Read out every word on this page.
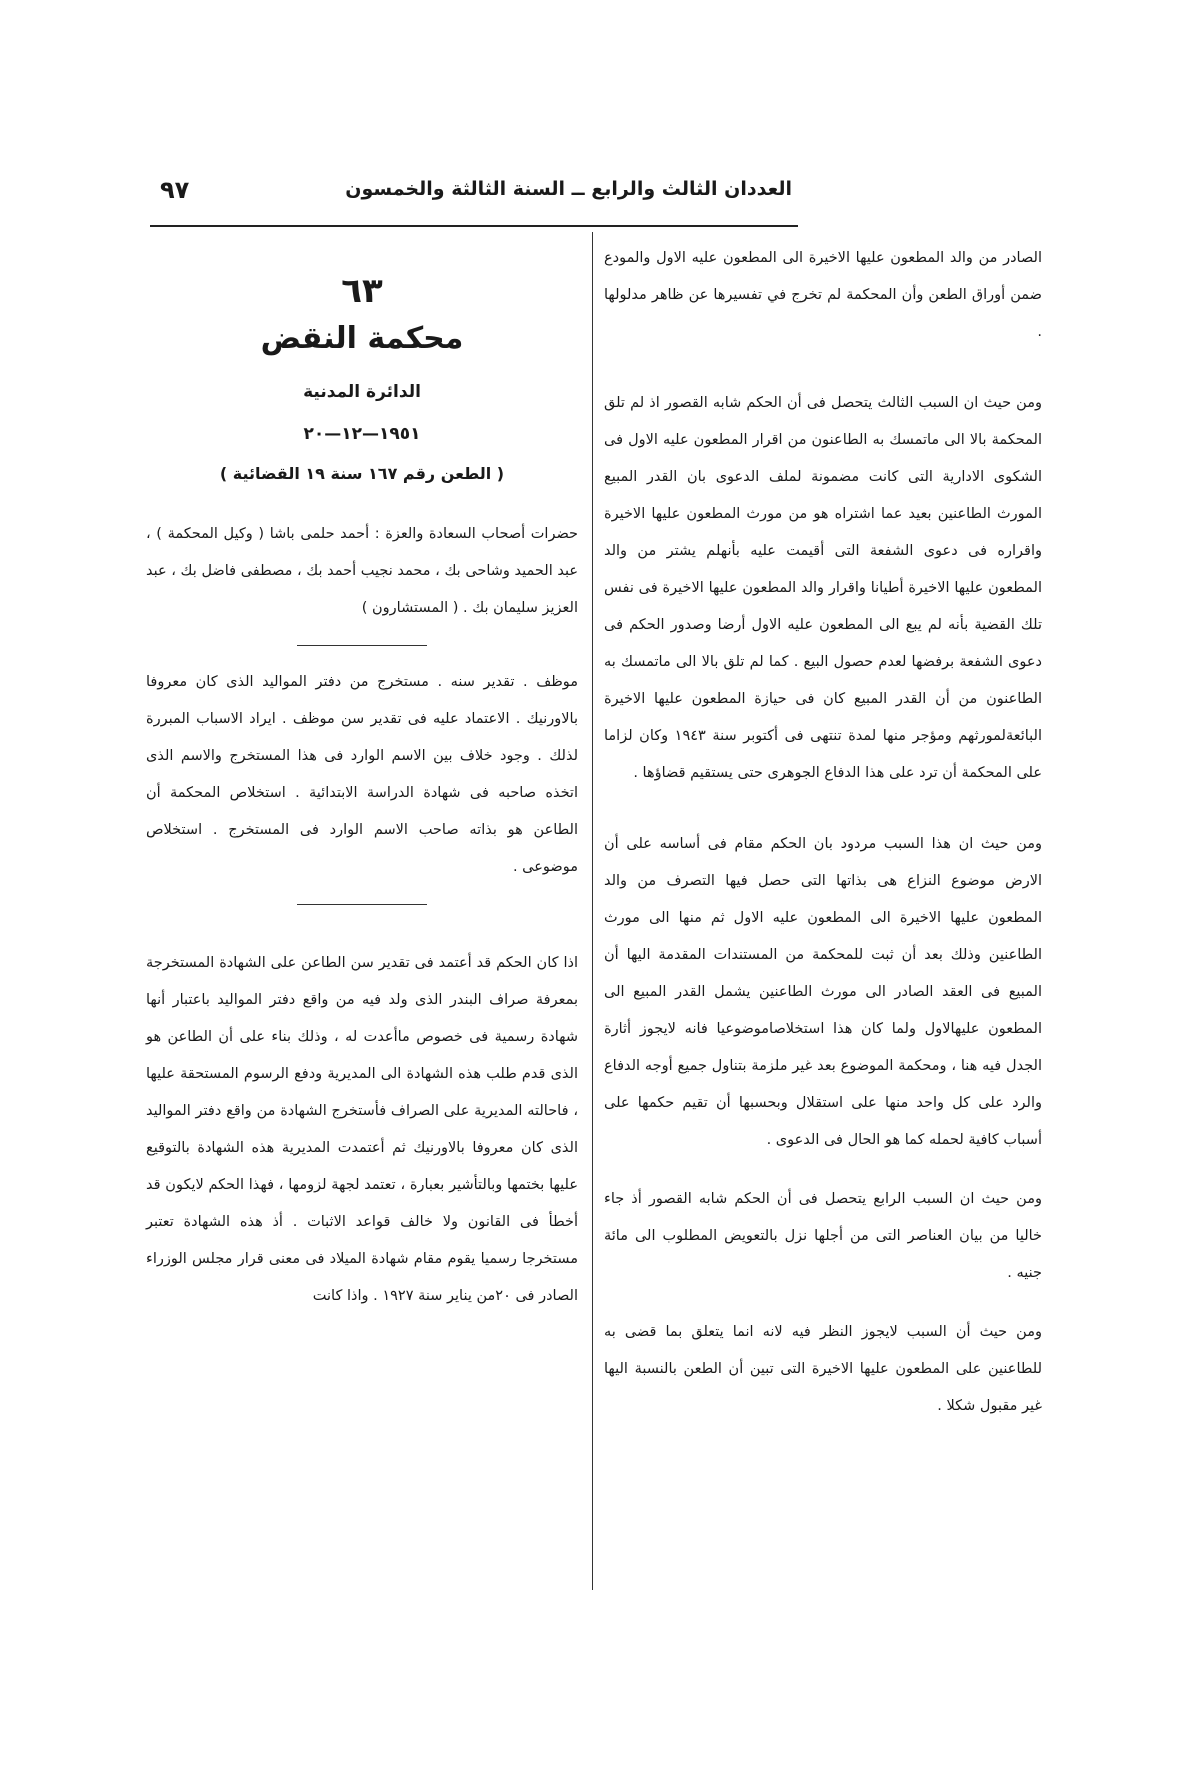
العددان الثالث والرابع ــ السنة الثالثة والخمسون
٩٧

الصادر من والد المطعون عليها الاخيرة الى المطعون عليه الاول والمودع ضمن أوراق الطعن وأن المحكمة لم تخرج في تفسيرها عن ظاهر مدلولها .

ومن حيث ان السبب الثالث يتحصل فى أن الحكم شابه القصور اذ لم تلق المحكمة بالا الى ماتمسك به الطاعنون من اقرار المطعون عليه الاول فى الشكوى الادارية التى كانت مضمونة لملف الدعوى بان القدر المبيع المورث الطاعنين بعيد عما اشتراه هو من مورث المطعون عليها الاخيرة واقراره فى دعوى الشفعة التى أقيمت عليه بأنهلم يشتر من والد المطعون عليها الاخيرة أطيانا واقرار والد المطعون عليها الاخيرة فى نفس تلك القضية بأنه لم يبع الى المطعون عليه الاول أرضا وصدور الحكم فى دعوى الشفعة برفضها لعدم حصول البيع . كما لم تلق بالا الى ماتمسك به الطاعنون من أن القدر المبيع كان فى حيازة المطعون عليها الاخيرة البائعةلمورثهم ومؤجر منها لمدة تنتهى فى أكتوبر سنة ١٩٤٣ وكان لزاما على المحكمة أن ترد على هذا الدفاع الجوهرى حتى يستقيم قضاؤها .

ومن حيث ان هذا السبب مردود بان الحكم مقام فى أساسه على أن الارض موضوع النزاع هى بذاتها التى حصل فيها التصرف من والد المطعون عليها الاخيرة الى المطعون عليه الاول ثم منها الى مورث الطاعنين وذلك بعد أن ثبت للمحكمة من المستندات المقدمة اليها أن المبيع فى العقد الصادر الى مورث الطاعنين يشمل القدر المبيع الى المطعون عليهالاول ولما كان هذا استخلاصاموضوعيا فانه لايجوز أثارة الجدل فيه هنا ، ومحكمة الموضوع بعد غير ملزمة بتناول جميع أوجه الدفاع والرد على كل واحد منها على استقلال وبحسبها أن تقيم حكمها على أسباب كافية لحمله كما هو الحال فى الدعوى .

ومن حيث ان السبب الرابع يتحصل فى أن الحكم شابه القصور أذ جاء خاليا من بيان العناصر التى من أجلها نزل بالتعويض المطلوب الى مائة جنيه .

ومن حيث أن السبب لايجوز النظر فيه لانه انما يتعلق بما قضى به للطاعنين على المطعون عليها الاخيرة التى تبين أن الطعن بالنسبة اليها غير مقبول شكلا .

٦٣

محكمة النقض

الدائرة المدنية

١٩٥١—١٢—٢٠

( الطعن رقم ١٦٧ سنة ١٩ القضائية )

حضرات أصحاب السعادة والعزة : أحمد حلمى باشا ( وكيل المحكمة ) ، عبد الحميد وشاحى بك ، محمد نجيب أحمد بك ، مصطفى فاضل بك ، عبد العزيز سليمان بك . ( المستشارون )

موظف . تقدير سنه . مستخرج من دفتر المواليد الذى كان معروفا بالاورنيك . الاعتماد عليه فى تقدير سن موظف . ايراد الاسباب المبررة لذلك . وجود خلاف بين الاسم الوارد فى هذا المستخرج والاسم الذى اتخذه صاحبه فى شهادة الدراسة الابتدائية . استخلاص المحكمة أن الطاعن هو بذاته صاحب الاسم الوارد فى المستخرج . استخلاص موضوعى .

اذا كان الحكم قد أعتمد فى تقدير سن الطاعن على الشهادة المستخرجة بمعرفة صراف البندر الذى ولد فيه من واقع دفتر المواليد باعتبار أنها شهادة رسمية فى خصوص ماأعدت له ، وذلك بناء على أن الطاعن هو الذى قدم طلب هذه الشهادة الى المديرية ودفع الرسوم المستحقة عليها ، فاحالته المديرية على الصراف فأستخرج الشهادة من واقع دفتر المواليد الذى كان معروفا بالاورنيك ثم أعتمدت المديرية هذه الشهادة بالتوقيع عليها بختمها وبالتأشير بعبارة ، تعتمد لجهة لزومها ، فهذا الحكم لايكون قد أخطأ فى القانون ولا خالف قواعد الاثبات . أذ هذه الشهادة تعتبر مستخرجا رسميا يقوم مقام شهادة الميلاد فى معنى قرار مجلس الوزراء الصادر فى ٢٠من يناير سنة ١٩٢٧ . واذا كانت
